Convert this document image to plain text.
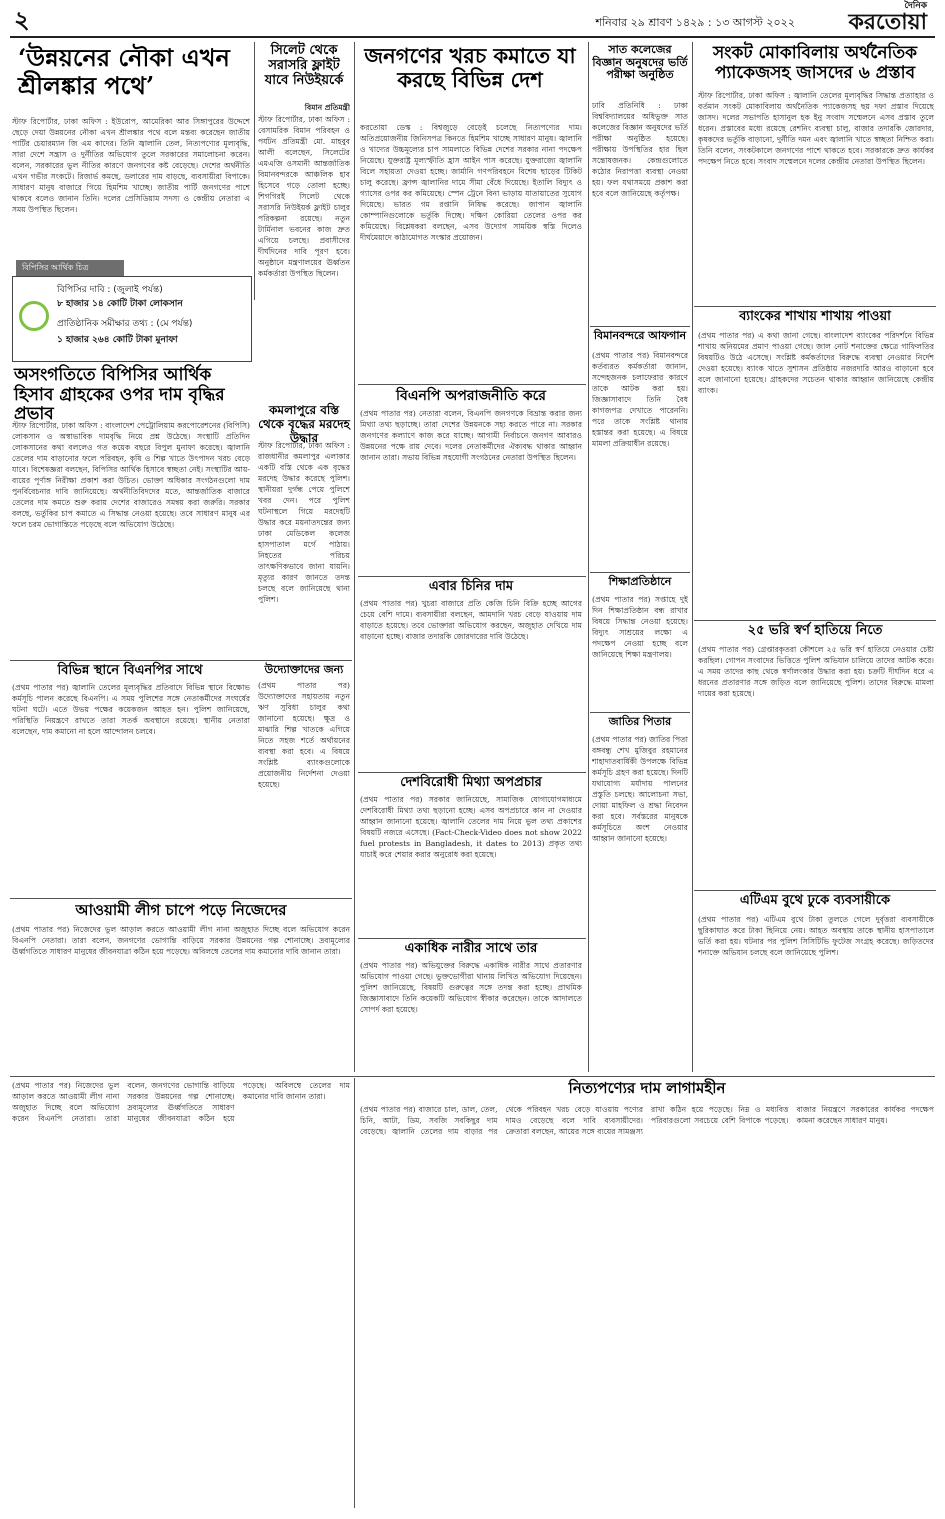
২	শনিবার ২৯ শ্রাবণ ১৪২৯ : ১৩ আগস্ট ২০২২
দৈনিক
করতোয়া
‘উন্নয়নের নৌকা এখন শ্রীলঙ্কার পথে’
স্টাফ রিপোর্টার, ঢাকা অফিস : ইউরোপ, আমেরিকা আর সিঙ্গাপুরের উদ্দেশে ছেড়ে দেয়া উন্নয়নের নৌকা এখন শ্রীলঙ্কার পথে বলে মন্তব্য করেছেন জাতীয় পার্টির চেয়ারম্যান জি এম কাদের। তিনি জ্বালানি তেল, নিত্যপণ্যের মূল্যবৃদ্ধি, সারা দেশে সন্ত্রাস ও দুর্নীতির অভিযোগ তুলে সরকারের সমালোচনা করেন। বলেন, সরকারের ভুল নীতির কারণে জনগণের কষ্ট বেড়েছে। দেশের অর্থনীতি এখন গভীর সংকটে। রিজার্ভ কমছে, ডলারের দাম বাড়ছে, ব্যবসায়ীরা বিপাকে। সাধারণ মানুষ বাজারে গিয়ে হিমশিম খাচ্ছে। জাতীয় পার্টি জনগণের পাশে থাকবে বলেও জানান তিনি। দলের প্রেসিডিয়াম সদস্য ও কেন্দ্রীয় নেতারা এ সময় উপস্থিত ছিলেন।
সিলেট থেকে সরাসরি ফ্লাইট যাবে নিউইয়র্কে
বিমান প্রতিমন্ত্রী
স্টাফ রিপোর্টার, ঢাকা অফিস : বেসামরিক বিমান পরিবহন ও পর্যটন প্রতিমন্ত্রী মো. মাহবুব আলী বলেছেন, সিলেটের এমএজি ওসমানী আন্তর্জাতিক বিমানবন্দরকে আঞ্চলিক হাব হিসেবে গড়ে তোলা হচ্ছে। শিগগিরই সিলেট থেকে সরাসরি নিউইয়র্ক ফ্লাইট চালুর পরিকল্পনা রয়েছে। নতুন টার্মিনাল ভবনের কাজ দ্রুত এগিয়ে চলছে। প্রবাসীদের দীর্ঘদিনের দাবি পূরণ হবে। অনুষ্ঠানে মন্ত্রণালয়ের ঊর্ধ্বতন কর্মকর্তারা উপস্থিত ছিলেন।
বিপিসির আর্থিক চিত্র
বিপিসির দাবি : (জুলাই পর্যন্ত)
৮ হাজার ১৪ কোটি টাকা লোকসান
প্রাতিষ্ঠানিক সমীক্ষার তথ্য : (মে পর্যন্ত)
১ হাজার ২৬৪ কোটি টাকা মুনাফা
অসংগতিতে বিপিসির আর্থিক হিসাব গ্রাহকের ওপর দাম বৃদ্ধির প্রভাব
স্টাফ রিপোর্টার, ঢাকা অফিস : বাংলাদেশ পেট্রোলিয়াম করপোরেশনের (বিপিসি) লোকসান ও অস্বাভাবিক দামবৃদ্ধি নিয়ে প্রশ্ন উঠেছে। সংস্থাটি প্রতিদিন লোকসানের কথা বললেও গত কয়েক বছরে বিপুল মুনাফা করেছে। জ্বালানি তেলের দাম বাড়ানোর ফলে পরিবহন, কৃষি ও শিল্প খাতে উৎপাদন খরচ বেড়ে যাবে। বিশেষজ্ঞরা বলছেন, বিপিসির আর্থিক হিসাবে স্বচ্ছতা নেই। সংস্থাটির আয়-ব্যয়ের পূর্ণাঙ্গ নিরীক্ষা প্রকাশ করা উচিত। ভোক্তা অধিকার সংগঠনগুলো দাম পুনর্বিবেচনার দাবি জানিয়েছে। অর্থনীতিবিদদের মতে, আন্তর্জাতিক বাজারে তেলের দাম কমতে শুরু করায় দেশের বাজারেও সমন্বয় করা জরুরি। সরকার বলছে, ভর্তুকির চাপ কমাতে এ সিদ্ধান্ত নেওয়া হয়েছে। তবে সাধারণ মানুষ এর ফলে চরম ভোগান্তিতে পড়েছে বলে অভিযোগ উঠেছে।
কমলাপুরে বস্তি থেকে বৃদ্ধের মরদেহ উদ্ধার
স্টাফ রিপোর্টার, ঢাকা অফিস : রাজধানীর কমলাপুর এলাকার একটি বস্তি থেকে এক বৃদ্ধের মরদেহ উদ্ধার করেছে পুলিশ। স্থানীয়রা দুর্গন্ধ পেয়ে পুলিশে খবর দেন। পরে পুলিশ ঘটনাস্থলে গিয়ে মরদেহটি উদ্ধার করে ময়নাতদন্তের জন্য ঢাকা মেডিকেল কলেজ হাসপাতাল মর্গে পাঠায়। নিহতের পরিচয় তাৎক্ষণিকভাবে জানা যায়নি। মৃত্যুর কারণ জানতে তদন্ত চলছে বলে জানিয়েছে থানা পুলিশ।
বিভিন্ন স্থানে বিএনপির সাথে
(প্রথম পাতার পর) জ্বালানি তেলের মূল্যবৃদ্ধির প্রতিবাদে বিভিন্ন স্থানে বিক্ষোভ কর্মসূচি পালন করেছে বিএনপি। এ সময় পুলিশের সঙ্গে নেতাকর্মীদের সংঘর্ষের ঘটনা ঘটে। এতে উভয় পক্ষের কয়েকজন আহত হন। পুলিশ জানিয়েছে, পরিস্থিতি নিয়ন্ত্রণে রাখতে তারা সতর্ক অবস্থানে রয়েছে। স্থানীয় নেতারা বলেছেন, দাম কমানো না হলে আন্দোলন চলবে।
উদ্যোক্তাদের জন্য
(প্রথম পাতার পর) উদ্যোক্তাদের সহায়তায় নতুন ঋণ সুবিধা চালুর কথা জানানো হয়েছে। ক্ষুদ্র ও মাঝারি শিল্প খাতকে এগিয়ে নিতে সহজ শর্তে অর্থায়নের ব্যবস্থা করা হবে। এ বিষয়ে সংশ্লিষ্ট ব্যাংকগুলোকে প্রয়োজনীয় নির্দেশনা দেওয়া হয়েছে।
আওয়ামী লীগ চাপে পড়ে নিজেদের
(প্রথম পাতার পর) নিজেদের ভুল আড়াল করতে আওয়ামী লীগ নানা অজুহাত দিচ্ছে বলে অভিযোগ করেন বিএনপি নেতারা। তারা বলেন, জনগণের ভোগান্তি বাড়িয়ে সরকার উন্নয়নের গল্প শোনাচ্ছে। দ্রব্যমূল্যের ঊর্ধ্বগতিতে সাধারণ মানুষের জীবনযাত্রা কঠিন হয়ে পড়েছে। অবিলম্বে তেলের দাম কমানোর দাবি জানান তারা।
জনগণের খরচ কমাতে যা করছে বিভিন্ন দেশ
করতোয়া ডেস্ক : বিশ্বজুড়ে বেড়েই চলেছে নিত্যপণ্যের দাম। অতিপ্রয়োজনীয় জিনিসপত্র কিনতে হিমশিম খাচ্ছে সাধারণ মানুষ। জ্বালানি ও খাদ্যের উচ্চমূল্যের চাপ সামলাতে বিভিন্ন দেশের সরকার নানা পদক্ষেপ নিয়েছে। যুক্তরাষ্ট্র মূল্যস্ফীতি হ্রাস আইন পাস করেছে। যুক্তরাজ্যে জ্বালানি বিলে সহায়তা দেওয়া হচ্ছে। জার্মানি গণপরিবহনে বিশেষ ছাড়ের টিকিট চালু করেছে। ফ্রান্স জ্বালানির দামে সীমা বেঁধে দিয়েছে। ইতালি বিদ্যুৎ ও গ্যাসের ওপর কর কমিয়েছে। স্পেন ট্রেনে বিনা ভাড়ায় যাতায়াতের সুযোগ দিয়েছে। ভারত গম রপ্তানি নিষিদ্ধ করেছে। জাপান জ্বালানি কোম্পানিগুলোকে ভর্তুকি দিচ্ছে। দক্ষিণ কোরিয়া তেলের ওপর কর কমিয়েছে। বিশ্লেষকরা বলছেন, এসব উদ্যোগ সাময়িক স্বস্তি দিলেও দীর্ঘমেয়াদে কাঠামোগত সংস্কার প্রয়োজন।
বিএনপি অপরাজনীতি করে
(প্রথম পাতার পর) নেতারা বলেন, বিএনপি জনগণকে বিভ্রান্ত করার জন্য মিথ্যা তথ্য ছড়াচ্ছে। তারা দেশের উন্নয়নকে সহ্য করতে পারে না। সরকার জনগণের কল্যাণে কাজ করে যাচ্ছে। আগামী নির্বাচনে জনগণ আবারও উন্নয়নের পক্ষে রায় দেবে। দলের নেতাকর্মীদের ঐক্যবদ্ধ থাকার আহ্বান জানান তারা। সভায় বিভিন্ন সহযোগী সংগঠনের নেতারা উপস্থিত ছিলেন।
এবার চিনির দাম
(প্রথম পাতার পর) খুচরা বাজারে প্রতি কেজি চিনি বিক্রি হচ্ছে আগের চেয়ে বেশি দামে। ব্যবসায়ীরা বলছেন, আমদানি খরচ বেড়ে যাওয়ায় দাম বাড়াতে হয়েছে। তবে ভোক্তারা অভিযোগ করছেন, অজুহাত দেখিয়ে দাম বাড়ানো হচ্ছে। বাজার তদারকি জোরদারের দাবি উঠেছে।
দেশবিরোধী মিথ্যা অপপ্রচার
(প্রথম পাতার পর) সরকার জানিয়েছে, সামাজিক যোগাযোগমাধ্যমে দেশবিরোধী মিথ্যা তথ্য ছড়ানো হচ্ছে। এসব অপপ্রচারে কান না দেওয়ার আহ্বান জানানো হয়েছে। জ্বালানি তেলের দাম নিয়ে ভুল তথ্য প্রকাশের বিষয়টি নজরে এসেছে। (Fact-Check-Video does not show 2022 fuel protests in Bangladesh, it dates to 2013) প্রকৃত তথ্য যাচাই করে শেয়ার করার অনুরোধ করা হয়েছে।
একাধিক নারীর সাথে তার
(প্রথম পাতার পর) অভিযুক্তের বিরুদ্ধে একাধিক নারীর সাথে প্রতারণার অভিযোগ পাওয়া গেছে। ভুক্তভোগীরা থানায় লিখিত অভিযোগ দিয়েছেন। পুলিশ জানিয়েছে, বিষয়টি গুরুত্বের সঙ্গে তদন্ত করা হচ্ছে। প্রাথমিক জিজ্ঞাসাবাদে তিনি কয়েকটি অভিযোগ স্বীকার করেছেন। তাকে আদালতে সোপর্দ করা হয়েছে।
সাত কলেজের বিজ্ঞান অনুষদের ভর্তি পরীক্ষা অনুষ্ঠিত
ঢাবি প্রতিনিধি : ঢাকা বিশ্ববিদ্যালয়ের অধিভুক্ত সাত কলেজের বিজ্ঞান অনুষদের ভর্তি পরীক্ষা অনুষ্ঠিত হয়েছে। পরীক্ষায় উপস্থিতির হার ছিল সন্তোষজনক। কেন্দ্রগুলোতে কঠোর নিরাপত্তা ব্যবস্থা নেওয়া হয়। ফল যথাসময়ে প্রকাশ করা হবে বলে জানিয়েছে কর্তৃপক্ষ।
বিমানবন্দরে আফগান
(প্রথম পাতার পর) বিমানবন্দরে কর্তব্যরত কর্মকর্তারা জানান, সন্দেহজনক চলাফেরার কারণে তাকে আটক করা হয়। জিজ্ঞাসাবাদে তিনি বৈধ কাগজপত্র দেখাতে পারেননি। পরে তাকে সংশ্লিষ্ট থানায় হস্তান্তর করা হয়েছে। এ বিষয়ে মামলা প্রক্রিয়াধীন রয়েছে।
শিক্ষাপ্রতিষ্ঠানে
(প্রথম পাতার পর) সপ্তাহে দুই দিন শিক্ষাপ্রতিষ্ঠান বন্ধ রাখার বিষয়ে সিদ্ধান্ত নেওয়া হয়েছে। বিদ্যুৎ সাশ্রয়ের লক্ষ্যে এ পদক্ষেপ নেওয়া হচ্ছে বলে জানিয়েছে শিক্ষা মন্ত্রণালয়।
জাতির পিতার
(প্রথম পাতার পর) জাতির পিতা বঙ্গবন্ধু শেখ মুজিবুর রহমানের শাহাদাতবার্ষিকী উপলক্ষে বিভিন্ন কর্মসূচি গ্রহণ করা হয়েছে। দিনটি যথাযোগ্য মর্যাদায় পালনের প্রস্তুতি চলছে। আলোচনা সভা, দোয়া মাহফিল ও শ্রদ্ধা নিবেদন করা হবে। সর্বস্তরের মানুষকে কর্মসূচিতে অংশ নেওয়ার আহ্বান জানানো হয়েছে।
সংকট মোকাবিলায় অর্থনৈতিক প্যাকেজসহ জাসদের ৬ প্রস্তাব
স্টাফ রিপোর্টার, ঢাকা অফিস : জ্বালানি তেলের মূল্যবৃদ্ধির সিদ্ধান্ত প্রত্যাহার ও বর্তমান সংকট মোকাবিলায় অর্থনৈতিক প্যাকেজসহ ছয় দফা প্রস্তাব দিয়েছে জাসদ। দলের সভাপতি হাসানুল হক ইনু সংবাদ সম্মেলনে এসব প্রস্তাব তুলে ধরেন। প্রস্তাবের মধ্যে রয়েছে রেশনিং ব্যবস্থা চালু, বাজার তদারকি জোরদার, কৃষকদের ভর্তুকি বাড়ানো, দুর্নীতি দমন এবং জ্বালানি খাতে স্বচ্ছতা নিশ্চিত করা। তিনি বলেন, সংকটকালে জনগণের পাশে থাকতে হবে। সরকারকে দ্রুত কার্যকর পদক্ষেপ নিতে হবে। সংবাদ সম্মেলনে দলের কেন্দ্রীয় নেতারা উপস্থিত ছিলেন।
ব্যাংকের শাখায় শাখায় পাওয়া
(প্রথম পাতার পর) এ কথা জানা গেছে। বাংলাদেশ ব্যাংকের পরিদর্শনে বিভিন্ন শাখায় অনিয়মের প্রমাণ পাওয়া গেছে। জাল নোট শনাক্তের ক্ষেত্রে গাফিলতির বিষয়টিও উঠে এসেছে। সংশ্লিষ্ট কর্মকর্তাদের বিরুদ্ধে ব্যবস্থা নেওয়ার নির্দেশ দেওয়া হয়েছে। ব্যাংক খাতে সুশাসন প্রতিষ্ঠায় নজরদারি আরও বাড়ানো হবে বলে জানানো হয়েছে। গ্রাহকদের সচেতন থাকার আহ্বান জানিয়েছে কেন্দ্রীয় ব্যাংক।
২৫ ভরি স্বর্ণ হাতিয়ে নিতে
(প্রথম পাতার পর) গ্রেপ্তারকৃতরা কৌশলে ২৫ ভরি স্বর্ণ হাতিয়ে নেওয়ার চেষ্টা করছিল। গোপন সংবাদের ভিত্তিতে পুলিশ অভিযান চালিয়ে তাদের আটক করে। এ সময় তাদের কাছ থেকে স্বর্ণালংকার উদ্ধার করা হয়। চক্রটি দীর্ঘদিন ধরে এ ধরনের প্রতারণার সঙ্গে জড়িত বলে জানিয়েছে পুলিশ। তাদের বিরুদ্ধে মামলা দায়ের করা হয়েছে।
এটিএম বুথে ঢুকে ব্যবসায়ীকে
(প্রথম পাতার পর) এটিএম বুথে টাকা তুলতে গেলে দুর্বৃত্তরা ব্যবসায়ীকে ছুরিকাঘাত করে টাকা ছিনিয়ে নেয়। আহত অবস্থায় তাকে স্থানীয় হাসপাতালে ভর্তি করা হয়। ঘটনার পর পুলিশ সিসিটিভি ফুটেজ সংগ্রহ করেছে। জড়িতদের শনাক্তে অভিযান চলছে বলে জানিয়েছে পুলিশ।
নিত্যপণ্যের দাম লাগামহীন
(প্রথম পাতার পর) বাজারে চাল, ডাল, তেল, চিনি, আটা, ডিম, সবজি সবকিছুর দাম বেড়েছে। জ্বালানি তেলের দাম বাড়ার পর থেকে পরিবহন খরচ বেড়ে যাওয়ায় পণ্যের দামও বেড়েছে বলে দাবি ব্যবসায়ীদের। ক্রেতারা বলছেন, আয়ের সঙ্গে ব্যয়ের সামঞ্জস্য রাখা কঠিন হয়ে পড়েছে। নিম্ন ও মধ্যবিত্ত পরিবারগুলো সবচেয়ে বেশি বিপাকে পড়েছে। বাজার নিয়ন্ত্রণে সরকারের কার্যকর পদক্ষেপ কামনা করেছেন সাধারণ মানুষ।
(প্রথম পাতার পর) নিজেদের ভুল আড়াল করতে আওয়ামী লীগ নানা অজুহাত দিচ্ছে বলে অভিযোগ করেন বিএনপি নেতারা। তারা বলেন, জনগণের ভোগান্তি বাড়িয়ে সরকার উন্নয়নের গল্প শোনাচ্ছে। দ্রব্যমূল্যের ঊর্ধ্বগতিতে সাধারণ মানুষের জীবনযাত্রা কঠিন হয়ে পড়েছে। অবিলম্বে তেলের দাম কমানোর দাবি জানান তারা।
